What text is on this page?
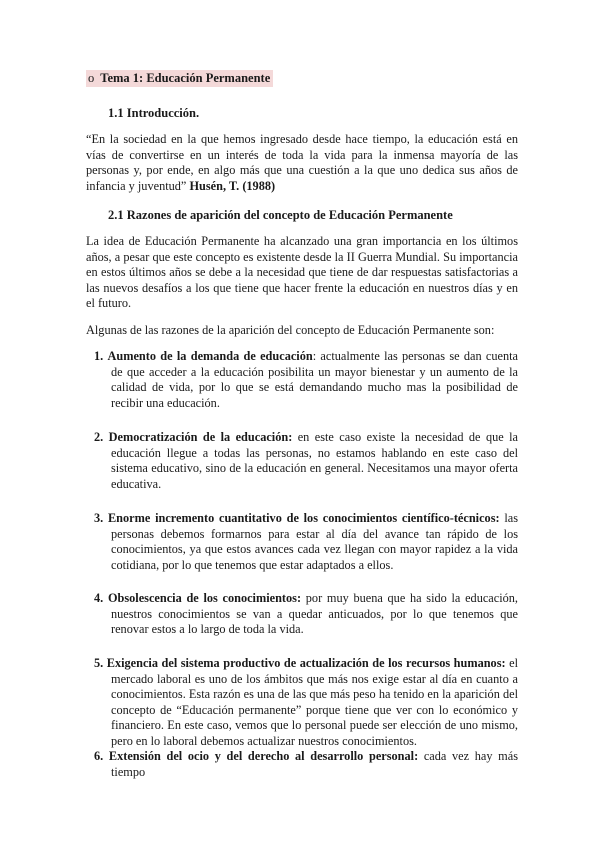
o Tema 1: Educación Permanente
1.1 Introducción.
“En la sociedad en la que hemos ingresado desde hace tiempo, la educación está en vías de convertirse en un interés de toda la vida para la inmensa mayoría de las personas y, por ende, en algo más que una cuestión a la que uno dedica sus años de infancia y juventud” Husén, T. (1988)
2.1 Razones de aparición del concepto de Educación Permanente
La idea de Educación Permanente ha alcanzado una gran importancia en los últimos años, a pesar que este concepto es existente desde la II Guerra Mundial. Su importancia en estos últimos años se debe a la necesidad que tiene de dar respuestas satisfactorias a las nuevos desafíos a los que tiene que hacer frente la educación en nuestros días y en el futuro.
Algunas de las razones de la aparición del concepto de Educación Permanente son:
1. Aumento de la demanda de educación: actualmente las personas se dan cuenta de que acceder a la educación posibilita un mayor bienestar y un aumento de la calidad de vida, por lo que se está demandando mucho mas la posibilidad de recibir una educación.
2. Democratización de la educación: en este caso existe la necesidad de que la educación llegue a todas las personas, no estamos hablando en este caso del sistema educativo, sino de la educación en general. Necesitamos una mayor oferta educativa.
3. Enorme incremento cuantitativo de los conocimientos científico-técnicos: las personas debemos formarnos para estar al día del avance tan rápido de los conocimientos, ya que estos avances cada vez llegan con mayor rapidez a la vida cotidiana, por lo que tenemos que estar adaptados a ellos.
4. Obsolescencia de los conocimientos: por muy buena que ha sido la educación, nuestros conocimientos se van a quedar anticuados, por lo que tenemos que renovar estos a lo largo de toda la vida.
5. Exigencia del sistema productivo de actualización de los recursos humanos: el mercado laboral es uno de los ámbitos que más nos exige estar al día en cuanto a conocimientos. Esta razón es una de las que más peso ha tenido en la aparición del concepto de “Educación permanente” porque tiene que ver con lo económico y financiero. En este caso, vemos que lo personal puede ser elección de uno mismo, pero en lo laboral debemos actualizar nuestros conocimientos.
6. Extensión del ocio y del derecho al desarrollo personal: cada vez hay más tiempo
